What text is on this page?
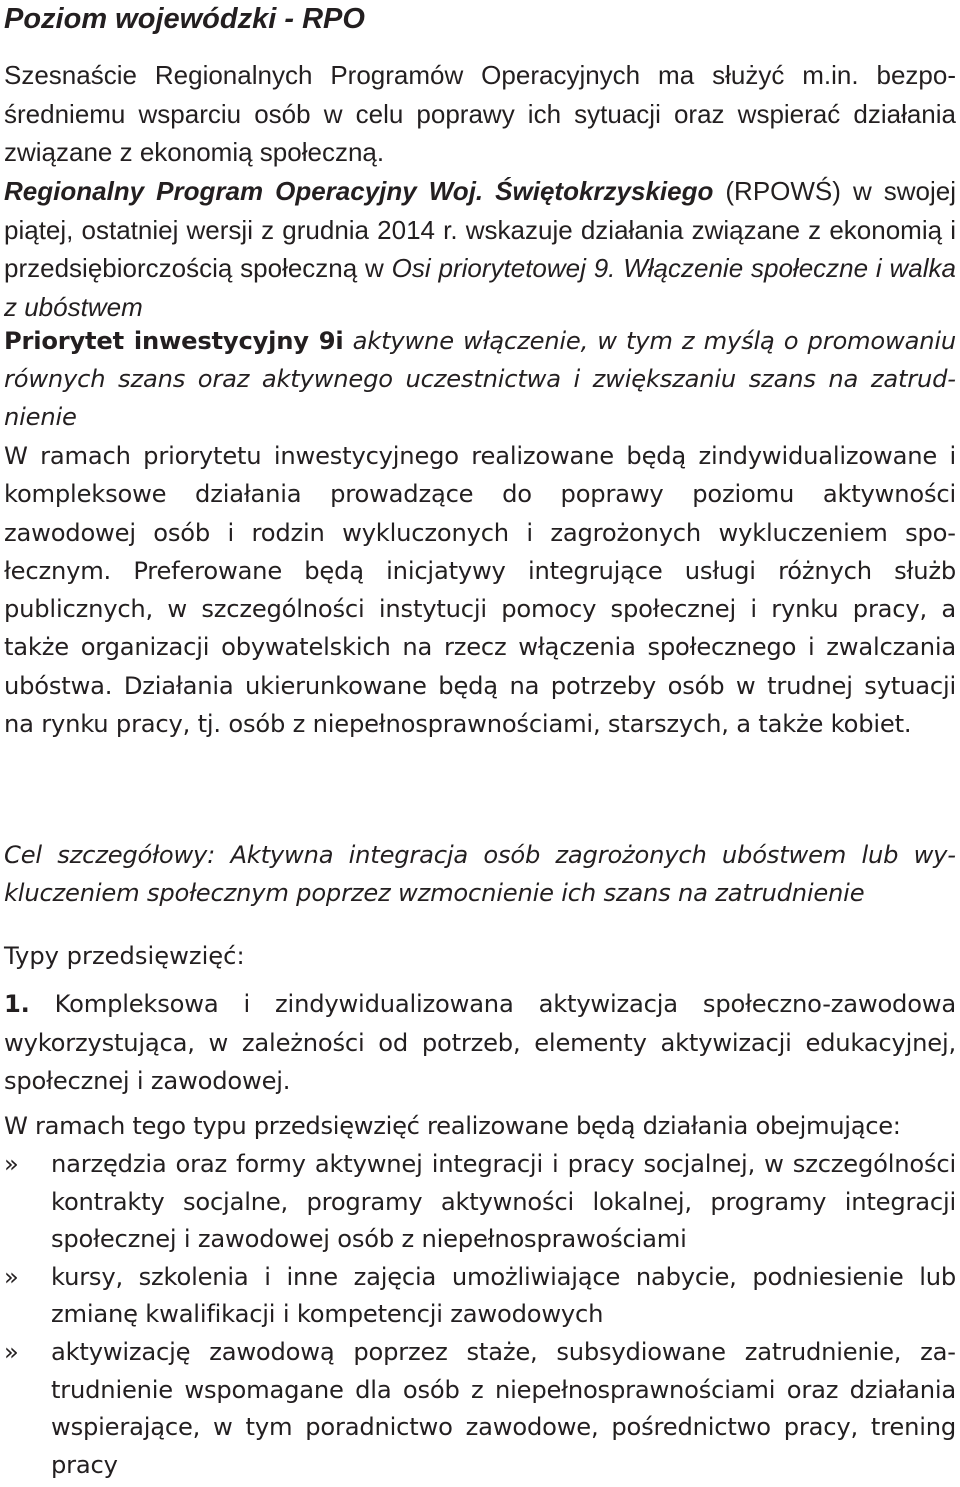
Poziom wojewódzki - RPO

Szesnaście Regionalnych Programów Operacyjnych ma służyć m.in. bezpośredniemu wsparciu osób w celu poprawy ich sytuacji oraz wspierać działania związane z ekonomią społeczną.

Regionalny Program Operacyjny Woj. Świętokrzyskiego (RPOWŚ) w swojej piątej, ostatniej wersji z grudnia 2014 r. wskazuje działania związane z ekonomią i przedsiębiorczością społeczną w Osi priorytetowej 9. Włączenie społeczne i walka z ubóstwem

Priorytet inwestycyjny 9i aktywne włączenie, w tym z myślą o promowaniu równych szans oraz aktywnego uczestnictwa i zwiększaniu szans na zatrudnienie

W ramach priorytetu inwestycyjnego realizowane będą zindywidualizowane i kompleksowe działania prowadzące do poprawy poziomu aktywności zawodowej osób i rodzin wykluczonych i zagrożonych wykluczeniem społecznym. Preferowane będą inicjatywy integrujące usługi różnych służb publicznych, w szczególności instytucji pomocy społecznej i rynku pracy, a także organizacji obywatelskich na rzecz włączenia społecznego i zwalczania ubóstwa. Działania ukierunkowane będą na potrzeby osób w trudnej sytuacji na rynku pracy, tj. osób z niepełnosprawnościami, starszych, a także kobiet.

Cel szczegółowy: Aktywna integracja osób zagrożonych ubóstwem lub wykluczeniem społecznym poprzez wzmocnienie ich szans na zatrudnienie

Typy przedsięwzięć:

1. Kompleksowa i zindywidualizowana aktywizacja społeczno-zawodowa wykorzystująca, w zależności od potrzeb, elementy aktywizacji edukacyjnej, społecznej i zawodowej.

W ramach tego typu przedsięwzięć realizowane będą działania obejmujące:

» narzędzia oraz formy aktywnej integracji i pracy socjalnej, w szczególności kontrakty socjalne, programy aktywności lokalnej, programy integracji społecznej i zawodowej osób z niepełnosprawościami
» kursy, szkolenia i inne zajęcia umożliwiające nabycie, podniesienie lub zmianę kwalifikacji i kompetencji zawodowych
» aktywizację zawodową poprzez staże, subsydiowane zatrudnienie, zatrudnienie wspomagane dla osób z niepełnosprawnościami oraz działania wspierające, w tym poradnictwo zawodowe, pośrednictwo pracy, trening pracy
